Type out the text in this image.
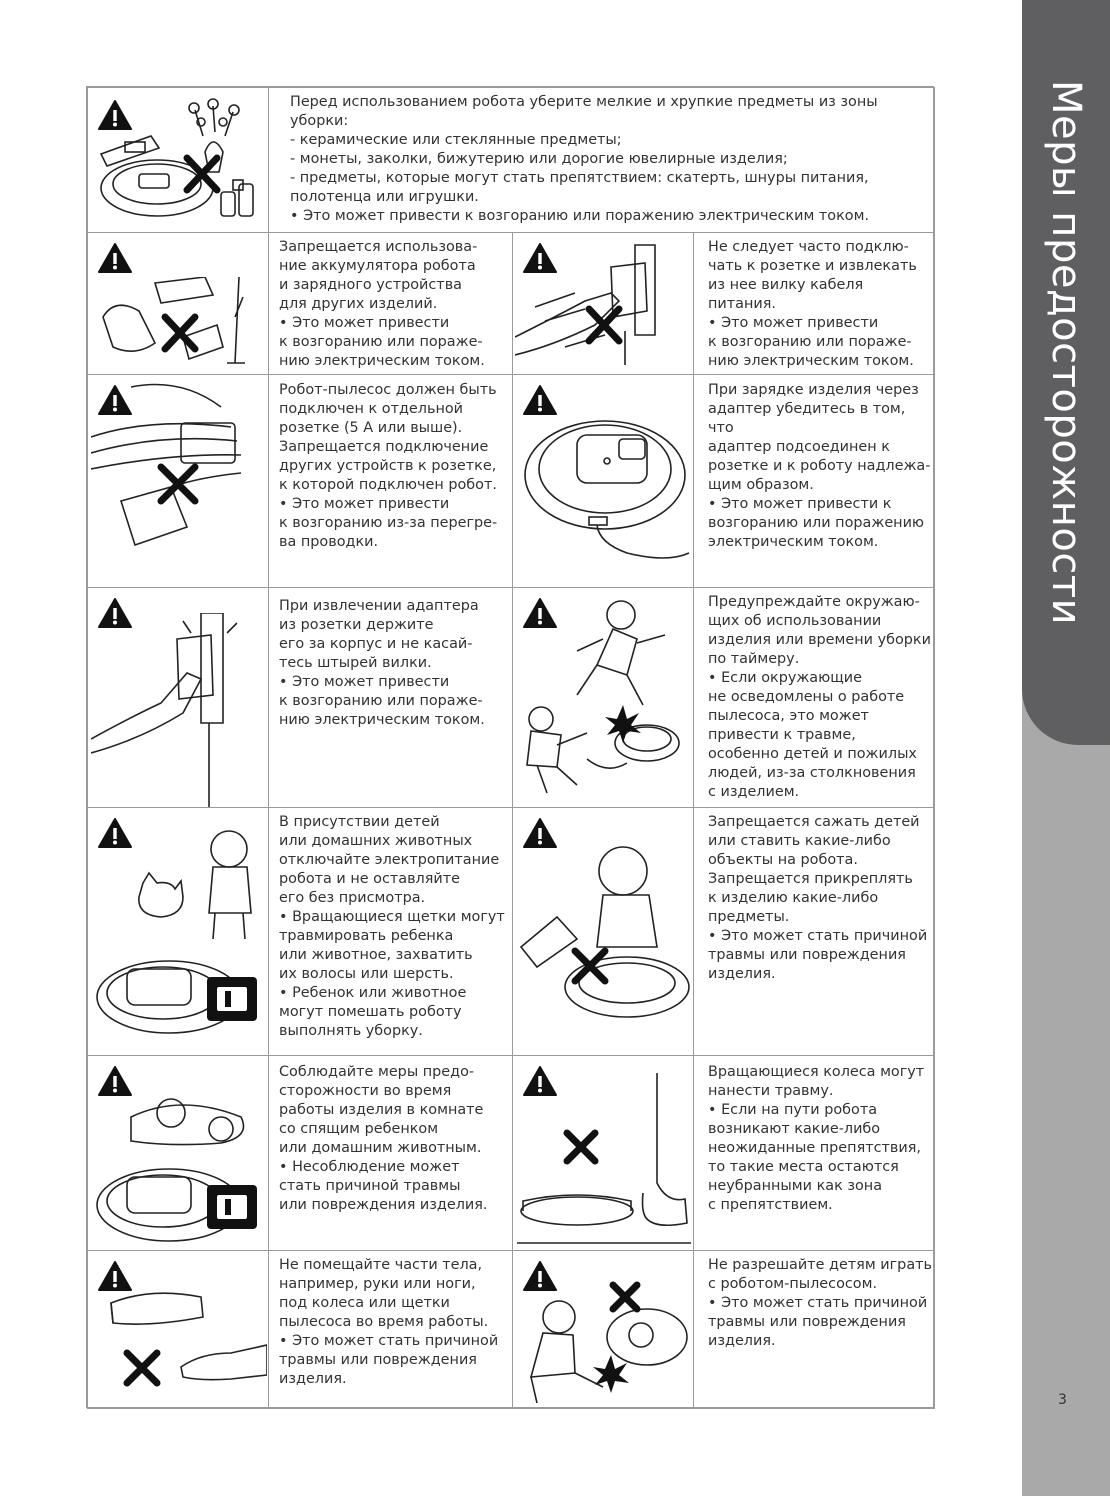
Меры предосторожности
3
Перед использованием робота уберите мелкие и хрупкие предметы из зоны
уборки:
- керамические или стеклянные предметы;
- монеты, заколки, бижутерию или дорогие ювелирные изделия;
- предметы, которые могут стать препятствием: скатерть, шнуры питания,
полотенца или игрушки.
• Это может привести к возгоранию или поражению электрическим током.
Запрещается использова-
ние аккумулятора робота
и зарядного устройства
для других изделий.
• Это может привести
к возгоранию или пораже-
нию электрическим током.
Не следует часто подклю-
чать к розетке и извлекать
из нее вилку кабеля питания.
• Это может привести
к возгоранию или пораже-
нию электрическим током.
Робот-пылесос должен быть
подключен к отдельной
розетке (5 А или выше).
Запрещается подключение
других устройств к розетке,
к которой подключен робот.
• Это может привести
к возгоранию из-за перегре-
ва проводки.
При зарядке изделия через
адаптер убедитесь в том, что
адаптер подсоединен к
розетке и к роботу надлежа-
щим образом.
• Это может привести к
возгоранию или поражению
электрическим током.
При извлечении адаптера
из розетки держите
его за корпус и не касай-
тесь штырей вилки.
• Это может привести
к возгоранию или пораже-
нию электрическим током.
Предупреждайте окружаю-
щих об использовании
изделия или времени уборки
по таймеру.
• Если окружающие
не осведомлены о работе
пылесоса, это может
привести к травме,
особенно детей и пожилых
людей, из-за столкновения
с изделием.
В присутствии детей
или домашних животных
отключайте электропитание
робота и не оставляйте
его без присмотра.
• Вращающиеся щетки могут
травмировать ребенка
или животное, захватить
их волосы или шерсть.
• Ребенок или животное
могут помешать роботу
выполнять уборку.
Запрещается сажать детей
или ставить какие-либо
объекты на робота.
Запрещается прикреплять
к изделию какие-либо
предметы.
• Это может стать причиной
травмы или повреждения
изделия.
Соблюдайте меры предо-
сторожности во время
работы изделия в комнате
со спящим ребенком
или домашним животным.
• Несоблюдение может
стать причиной травмы
или повреждения изделия.
Вращающиеся колеса могут
нанести травму.
• Если на пути робота
возникают какие-либо
неожиданные препятствия,
то такие места остаются
неубранными как зона
с препятствием.
Не помещайте части тела,
например, руки или ноги,
под колеса или щетки
пылесоса во время работы.
• Это может стать причиной
травмы или повреждения
изделия.
Не разрешайте детям играть
с роботом-пылесосом.
• Это может стать причиной
травмы или повреждения
изделия.
